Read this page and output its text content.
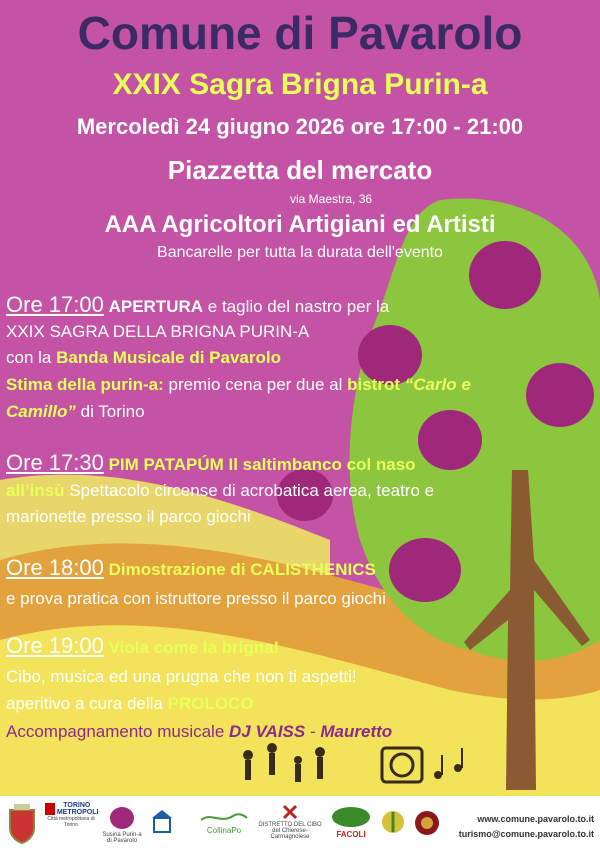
Comune di Pavarolo

XXIX Sagra Brigna Purin-a

Mercoledì 24 giugno 2026 ore 17:00 - 21:00

Piazzetta del mercato

via Maestra, 36

AAA Agricoltori Artigiani ed Artisti

Bancarelle per tutta la durata dell'evento

Ore 17:00 APERTURA e taglio del nastro per la

XXIX SAGRA DELLA BRIGNA PURIN-A

con la Banda Musicale di Pavarolo

Stima della purin-a: premio cena per due al bistrot “Carlo e

Camillo” di Torino

Ore 17:30 PIM PATAPÚM Il saltimbanco col naso

all’insù Spettacolo circense di acrobatica aerea, teatro e

marionette presso il parco giochi

Ore 18:00 Dimostrazione di CALISTHENICS

e prova pratica con istruttore presso il parco giochi

Ore 19:00 Viola come la brigna!

Cibo, musica ed una prugna che non ti aspetti!

aperitivo a cura della PROLOCO

Accompagnamento musicale DJ VAISS - Mauretto

TORINO METROPOLI
Città metropolitana di Torino
Susina Purin-a di Pavarolo
CollinaPo
DISTRETTO DEL CIBO del Chierese-Carmagnolese	FACOLI
www.comune.pavarolo.to.it
turismo@comune.pavarolo.to.it
